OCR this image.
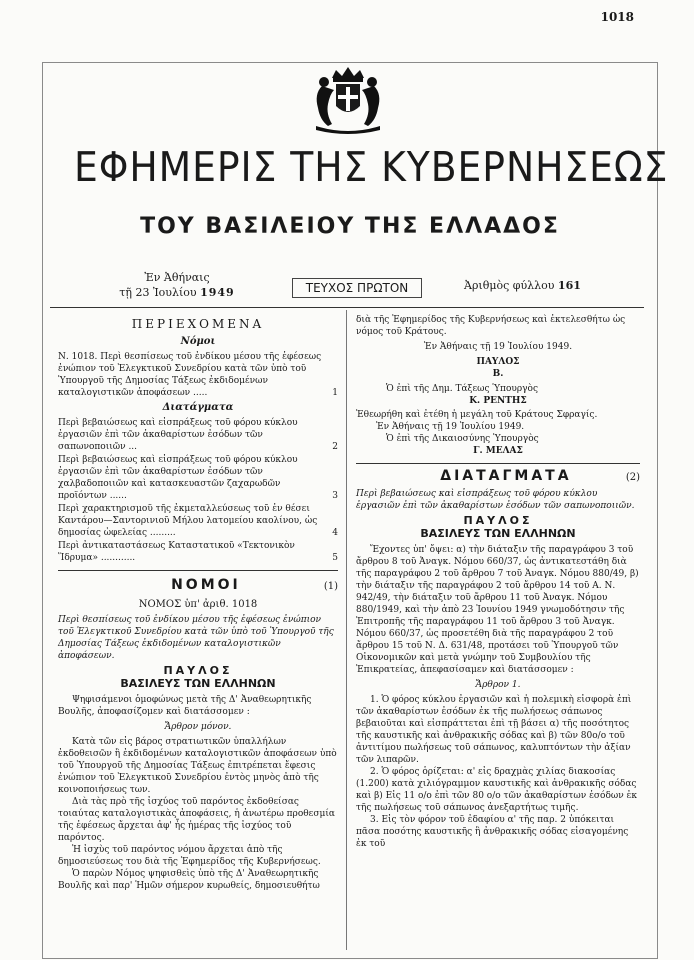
1018
ΕΦΗΜΕΡΙΣ ΤΗΣ ΚΥΒΕΡΝΗΣΕΩΣ
ΤΟΥ ΒΑΣΙΛΕΙΟΥ ΤΗΣ ΕΛΛΑΔΟΣ
Ἐν Ἀθήναις
τῇ 23 Ἰουλίου 1949	ΤΕΥΧΟΣ ΠΡΩΤΟΝ	Ἀριθμὸς φύλλου 161
ΠΕΡΙΕΧΟΜΕΝΑ
Νόμοι
Ν. 1018. Περὶ θεσπίσεως τοῦ ἐνδίκου μέσου τῆς ἐφέσεως ἐνώπιον τοῦ Ἐλεγκτικοῦ Συνεδρίου κατὰ τῶν ὑπὸ τοῦ Ὑπουργοῦ τῆς Δημοσίας Τάξεως ἐκδιδομένων καταλογιστικῶν ἀποφάσεων .....	1
Διατάγματα
Περὶ βεβαιώσεως καὶ εἰσπράξεως τοῦ φόρου κύκλου ἐργασιῶν ἐπὶ τῶν ἀκαθαρίστων ἐσόδων τῶν σαπωνοποιιῶν ...	2
Περὶ βεβαιώσεως καὶ εἰσπράξεως τοῦ φόρου κύκλου ἐργασιῶν ἐπὶ τῶν ἀκαθαρίστων ἐσόδων τῶν χαλβαδοποιιῶν καὶ κατασκευαστῶν ζαχαρωδῶν προϊόντων ......	3
Περὶ χαρακτηρισμοῦ τῆς ἐκμεταλλεύσεως τοῦ ἐν θέσει Καντάρου—Σαντορινιοῦ Μήλου λατομείου καολίνου, ὡς δημοσίας ὠφελείας .........	4
Περὶ ἀντικαταστάσεως Καταστατικοῦ «Τεκτονικὸν Ἵδρυμα» ............	5
ΝΟΜΟΙ	(1)
ΝΟΜΟΣ ὑπ' ἀριθ. 1018

Περὶ θεσπίσεως τοῦ ἐνδίκου μέσου τῆς ἐφέσεως ἐνώπιον τοῦ Ἐλεγκτικοῦ Συνεδρίου κατὰ τῶν ὑπὸ τοῦ Ὑπουργοῦ τῆς Δημοσίας Τάξεως ἐκδιδομένων καταλογιστικῶν ἀποφάσεων.

ΠΑΥΛΟΣ
ΒΑΣΙΛΕΥΣ ΤΩΝ ΕΛΛΗΝΩΝ

Ψηφισάμενοι ὁμοφώνως μετὰ τῆς Δ' Ἀναθεωρητικῆς Βουλῆς, ἀποφασίζομεν καὶ διατάσσομεν :

Ἄρθρον μόνον.

Κατὰ τῶν εἰς βάρος στρατιωτικῶν ὑπαλλήλων ἐκδοθεισῶν ἢ ἐκδιδομένων καταλογιστικῶν ἀποφάσεων ὑπὸ τοῦ Ὑπουργοῦ τῆς Δημοσίας Τάξεως ἐπιτρέπεται ἔφεσις ἐνώπιον τοῦ Ἐλεγκτικοῦ Συνεδρίου ἐντὸς μηνὸς ἀπὸ τῆς κοινοποιήσεως των.

Διὰ τὰς πρὸ τῆς ἰσχύος τοῦ παρόντος ἐκδοθείσας τοιαύτας καταλογιστικὰς ἀποφάσεις, ἡ ἀνωτέρω προθεσμία τῆς ἐφέσεως ἄρχεται ἀφ' ἧς ἡμέρας τῆς ἰσχύος τοῦ παρόντος.

Ἡ ἰσχὺς τοῦ παρόντος νόμου ἄρχεται ἀπὸ τῆς δημοσιεύσεως του διὰ τῆς Ἐφημερίδος τῆς Κυβερνήσεως.

Ὁ παρὼν Νόμος ψηφισθεὶς ὑπὸ τῆς Δ' Ἀναθεωρητικῆς Βουλῆς καὶ παρ' Ἡμῶν σήμερον κυρωθείς, δημοσιευθήτω

διὰ τῆς Ἐφημερίδος τῆς Κυβερνήσεως καὶ ἐκτελεσθήτω ὡς νόμος τοῦ Κράτους.

Ἐν Ἀθήναις τῇ 19 Ἰουλίου 1949.
ΠΑΥΛΟΣ
Β.
Ὁ ἐπὶ τῆς Δημ. Τάξεως Ὑπουργὸς
Κ. ΡΕΝΤΗΣ

Ἐθεωρήθη καὶ ἐτέθη ἡ μεγάλη τοῦ Κράτους Σφραγίς.

Ἐν Ἀθήναις τῇ 19 Ἰουλίου 1949.
Ὁ ἐπὶ τῆς Δικαιοσύνης Ὑπουργὸς
Γ. ΜΕΛΑΣ
ΔΙΑΤΑΓΜΑΤΑ	(2)

Περὶ βεβαιώσεως καὶ εἰσπράξεως τοῦ φόρου κύκλου ἐργασιῶν ἐπὶ τῶν ἀκαθαρίστων ἐσόδων τῶν σαπωνοποιιῶν.

ΠΑΥΛΟΣ
ΒΑΣΙΛΕΥΣ ΤΩΝ ΕΛΛΗΝΩΝ

Ἔχοντες ὑπ' ὄψει: α) τὴν διάταξιν τῆς παραγράφου 3 τοῦ ἄρθρου 8 τοῦ Ἀναγκ. Νόμου 660/37, ὡς ἀντικατεστάθη διὰ τῆς παραγράφου 2 τοῦ ἄρθρου 7 τοῦ Ἀναγκ. Νόμου 880/49, β) τὴν διάταξιν τῆς παραγράφου 2 τοῦ ἄρθρου 14 τοῦ Α. Ν. 942/49, τὴν διάταξιν τοῦ ἄρθρου 11 τοῦ Ἀναγκ. Νόμου 880/1949, καὶ τὴν ἀπὸ 23 Ἰουνίου 1949 γνωμοδότησιν τῆς Ἐπιτροπῆς τῆς παραγράφου 11 τοῦ ἄρθρου 3 τοῦ Ἀναγκ. Νόμου 660/37, ὡς προσετέθη διὰ τῆς παραγράφου 2 τοῦ ἄρθρου 15 τοῦ Ν. Δ. 631/48, προτάσει τοῦ Ὑπουργοῦ τῶν Οἰκονομικῶν καὶ μετὰ γνώμην τοῦ Συμβουλίου τῆς Ἐπικρατείας, ἀπεφασίσαμεν καὶ διατάσσομεν :

Ἄρθρον 1.

1. Ὁ φόρος κύκλου ἐργασιῶν καὶ ἡ πολεμικὴ εἰσφορὰ ἐπὶ τῶν ἀκαθαρίστων ἐσόδων ἐκ τῆς πωλήσεως σάπωνος βεβαιοῦται καὶ εἰσπράττεται ἐπὶ τῇ βάσει α) τῆς ποσότητος τῆς καυστικῆς καὶ ἀνθρακικῆς σόδας καὶ β) τῶν 80ο/ο τοῦ ἀντιτίμου πωλήσεως τοῦ σάπωνος, καλυπτόντων τὴν ἀξίαν τῶν λιπαρῶν.

2. Ὁ φόρος ὁρίζεται: α' εἰς δραχμὰς χιλίας διακοσίας (1.200) κατὰ χιλιόγραμμον καυστικῆς καὶ ἀνθρακικῆς σόδας καὶ β) Εἰς 11 ο/ο ἐπὶ τῶν 80 ο/ο τῶν ἀκαθαρίστων ἐσόδων ἐκ τῆς πωλήσεως τοῦ σάπωνος ἀνεξαρτήτως τιμῆς.

3. Εἰς τὸν φόρον τοῦ ἐδαφίου α' τῆς παρ. 2 ὑπόκειται πᾶσα ποσότης καυστικῆς ἢ ἀνθρακικῆς σόδας εἰσαγομένης ἐκ τοῦ
